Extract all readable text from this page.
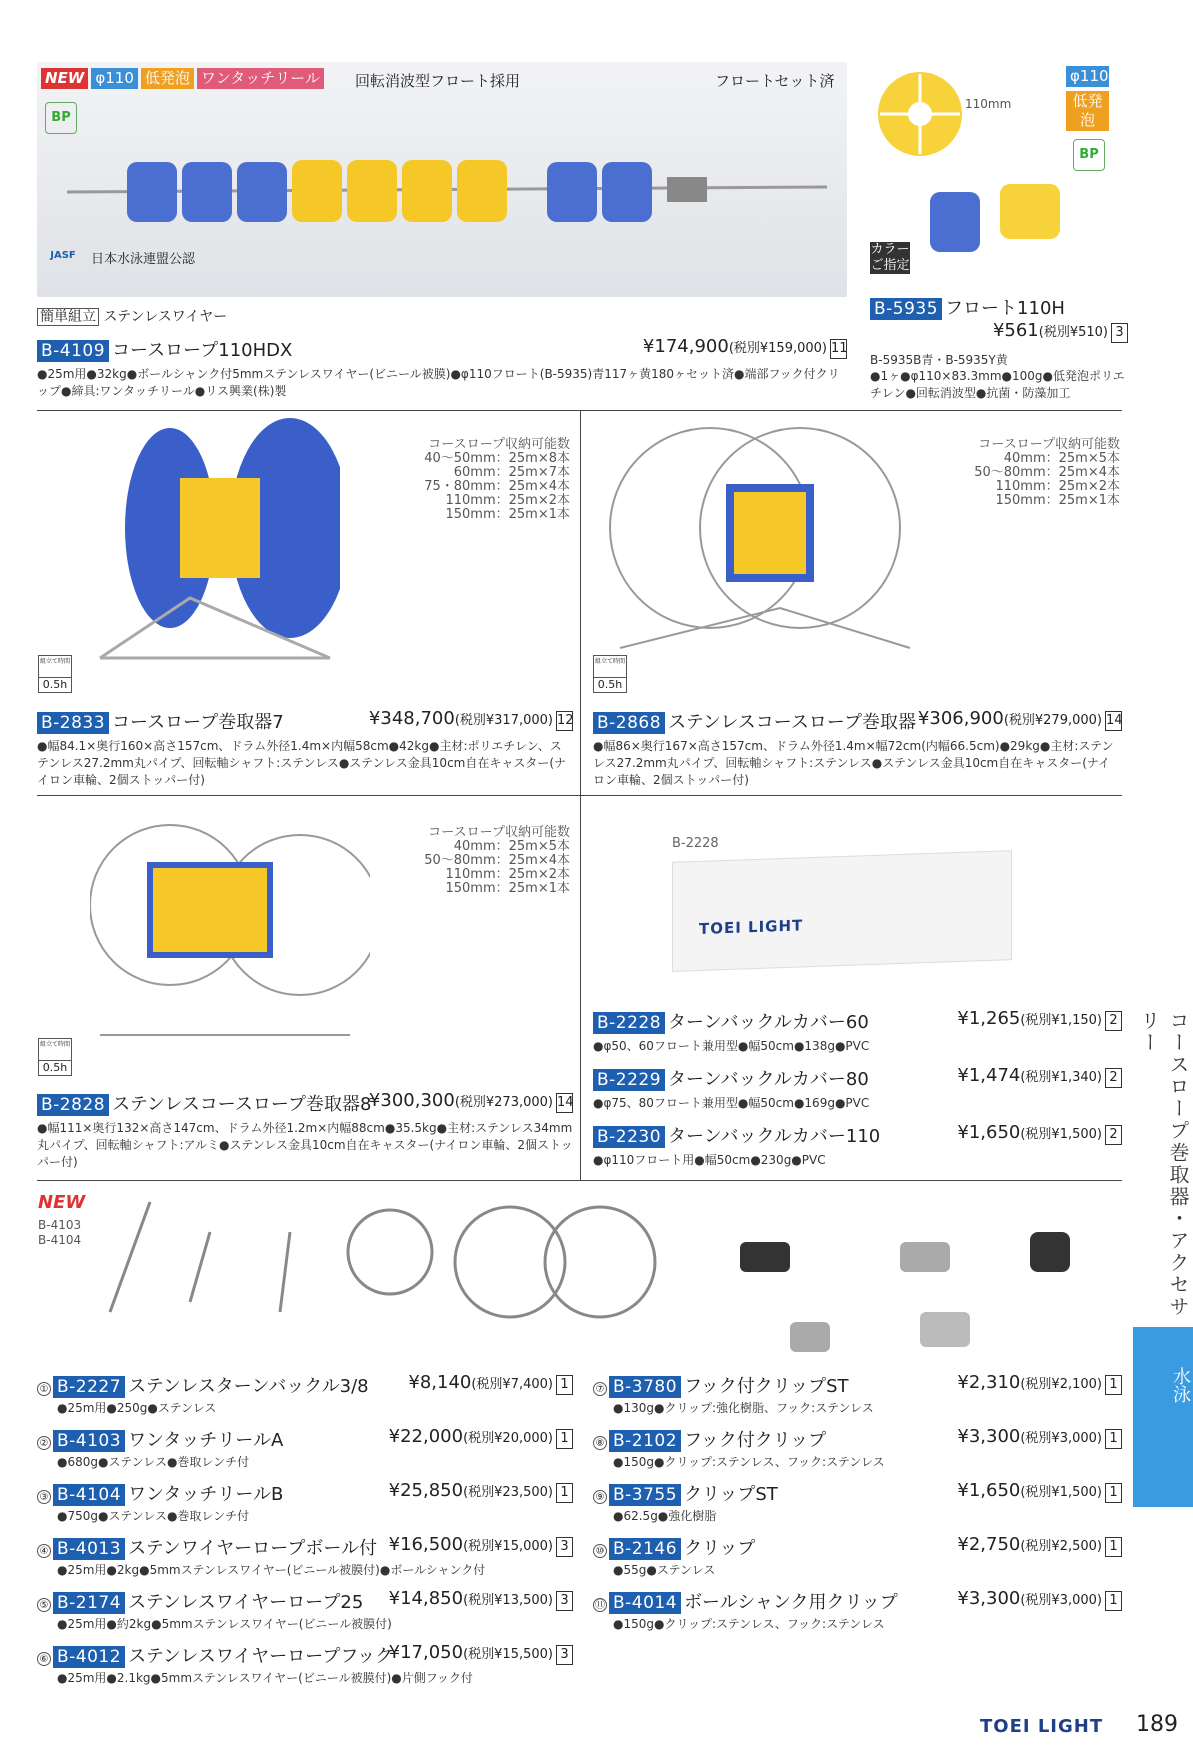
NEW φ110 低発泡 ワンタッチリール	回転消波型フロート採用	フロートセット済
BP
JASF	日本水泳連盟公認
簡単組立 ステンレスワイヤー
B-4109 コースロープ110HDX	¥174,900(税別¥159,000) 11
●25m用●32kg●ボールシャンク付5mmステンレスワイヤー(ビニール被膜)●φ110フロート(B-5935)青117ヶ黄180ヶセット済●端部フック付クリップ●締具:ワンタッチリール●リス興業(株)製
110mm
φ110
低発泡
BP
カラーご指定
B-5935 フロート110H
¥561(税別¥510) 3
B-5935B青・B-5935Y黄
●1ヶ●φ110×83.3mm●100g●低発泡ポリエチレン●回転消波型●抗菌・防藻加工
コースロープ収納可能数
40～50mm：25m×8本
60mm：25m×7本
75・80mm：25m×4本
110mm：25m×2本
150mm：25m×1本
組立て時間
0.5h
B-2833 コースロープ巻取器7	¥348,700(税別¥317,000) 12
●幅84.1×奥行160×高さ157cm、ドラム外径1.4m×内幅58cm●42kg●主材:ポリエチレン、ステンレス27.2mm丸パイプ、回転軸シャフト:ステンレス●ステンレス金具10cm自在キャスター(ナイロン車輪、2個ストッパー付)
コースロープ収納可能数
40mm：25m×5本
50～80mm：25m×4本
110mm：25m×2本
150mm：25m×1本
組立て時間
0.5h
B-2868 ステンレスコースロープ巻取器 ¥306,900(税別¥279,000) 14
●幅86×奥行167×高さ157cm、ドラム外径1.4m×幅72cm(内幅66.5cm)●29kg●主材:ステンレス27.2mm丸パイプ、回転軸シャフト:ステンレス●ステンレス金具10cm自在キャスター(ナイロン車輪、2個ストッパー付)
コースロープ収納可能数
40mm：25m×5本
50～80mm：25m×4本
110mm：25m×2本
150mm：25m×1本
組立て時間
0.5h
B-2828 ステンレスコースロープ巻取器8
¥300,300(税別¥273,000) 14
●幅111×奥行132×高さ147cm、ドラム外径1.2m×内幅88cm●35.5kg●主材:ステンレス34mm丸パイプ、回転軸シャフト:アルミ●ステンレス金具10cm自在キャスター(ナイロン車輪、2個ストッパー付)
B-2228
TOEI LIGHT
B-2228 ターンバックルカバー60	¥1,265(税別¥1,150) 2
●φ50、60フロート兼用型●幅50cm●138g●PVC
B-2229 ターンバックルカバー80	¥1,474(税別¥1,340) 2
●φ75、80フロート兼用型●幅50cm●169g●PVC
B-2230 ターンバックルカバー110	¥1,650(税別¥1,500) 2
●φ110フロート用●幅50cm●230g●PVC
NEW
B-4103
B-4104
① B-2227 ステンレスターンバックル3/8 ¥8,140(税別¥7,400) 1
●25m用●250g●ステンレス
② B-4103 ワンタッチリールA	¥22,000(税別¥20,000) 1
●680g●ステンレス●巻取レンチ付
③ B-4104 ワンタッチリールB	¥25,850(税別¥23,500) 1
●750g●ステンレス●巻取レンチ付
④ B-4013 ステンワイヤーロープボール付 ¥16,500(税別¥15,000) 3
●25m用●2kg●5mmステンレスワイヤー(ビニール被膜付)●ボールシャンク付
⑤ B-2174 ステンレスワイヤーロープ25 ¥14,850(税別¥13,500) 3
●25m用●約2kg●5mmステンレスワイヤー(ビニール被膜付)
⑥ B-4012 ステンレスワイヤーロープフック
¥17,050(税別¥15,500) 3
●25m用●2.1kg●5mmステンレスワイヤー(ビニール被膜付)●片側フック付
⑦ B-3780 フック付クリップST	¥2,310(税別¥2,100) 1
●130g●クリップ:強化樹脂、フック:ステンレス
⑧ B-2102 フック付クリップ	¥3,300(税別¥3,000) 1
●150g●クリップ:ステンレス、フック:ステンレス
⑨ B-3755 クリップST	¥1,650(税別¥1,500) 1
●62.5g●強化樹脂
⑩ B-2146 クリップ	¥2,750(税別¥2,500) 1
●55g●ステンレス
⑪ B-4014 ボールシャンク用クリップ	¥3,300(税別¥3,000) 1
●150g●クリップ:ステンレス、フック:ステンレス
コースロープ巻取器・アクセサリー
水泳
TOEI LIGHT 189
